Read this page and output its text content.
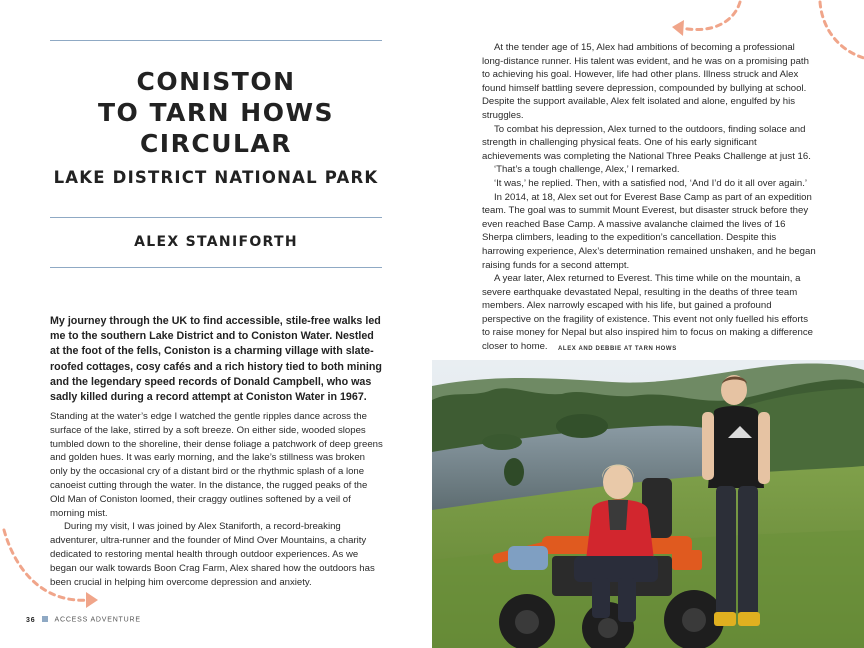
CONISTON
TO TARN HOWS
CIRCULAR
LAKE DISTRICT NATIONAL PARK
ALEX STANIFORTH

My journey through the UK to find accessible, stile-free walks led me to the southern Lake District and to Coniston Water. Nestled at the foot of the fells, Coniston is a charming village with slate-roofed cottages, cosy cafés and a rich history tied to both mining and the legendary speed records of Donald Campbell, who was sadly killed during a record attempt at Coniston Water in 1967.

Standing at the water’s edge I watched the gentle ripples dance across the surface of the lake, stirred by a soft breeze. On either side, wooded slopes tumbled down to the shoreline, their dense foliage a patchwork of deep greens and golden hues. It was early morning, and the lake’s stillness was broken only by the occasional cry of a distant bird or the rhythmic splash of a lone canoeist cutting through the water. In the distance, the rugged peaks of the Old Man of Coniston loomed, their craggy outlines softened by a veil of morning mist.

During my visit, I was joined by Alex Staniforth, a record-breaking adventurer, ultra-runner and the founder of Mind Over Mountains, a charity dedicated to restoring mental health through outdoor experiences. As we began our walk towards Boon Crag Farm, Alex shared how the outdoors has been crucial in helping him overcome depression and anxiety.

36	ACCESS ADVENTURE

At the tender age of 15, Alex had ambitions of becoming a professional long-distance runner. His talent was evident, and he was on a promising path to achieving his goal. However, life had other plans. Illness struck and Alex found himself battling severe depression, compounded by bullying at school. Despite the support available, Alex felt isolated and alone, engulfed by his struggles.

To combat his depression, Alex turned to the outdoors, finding solace and strength in challenging physical feats. One of his early significant achievements was completing the National Three Peaks Challenge at just 16.

‘That’s a tough challenge, Alex,’ I remarked.

‘It was,’ he replied. Then, with a satisfied nod, ‘And I’d do it all over again.’

In 2014, at 18, Alex set out for Everest Base Camp as part of an expedition team. The goal was to summit Mount Everest, but disaster struck before they even reached Base Camp. A massive avalanche claimed the lives of 16 Sherpa climbers, leading to the expedition’s cancellation. Despite this harrowing experience, Alex’s determination remained unshaken, and he began raising funds for a second attempt.

A year later, Alex returned to Everest. This time while on the mountain, a severe earthquake devastated Nepal, resulting in the deaths of three team members. Alex narrowly escaped with his life, but gained a profound perspective on the fragility of existence. This event not only fuelled his efforts to raise money for Nepal but also inspired him to focus on making a difference closer to home.	ALEX AND DEBBIE AT TARN HOWS
